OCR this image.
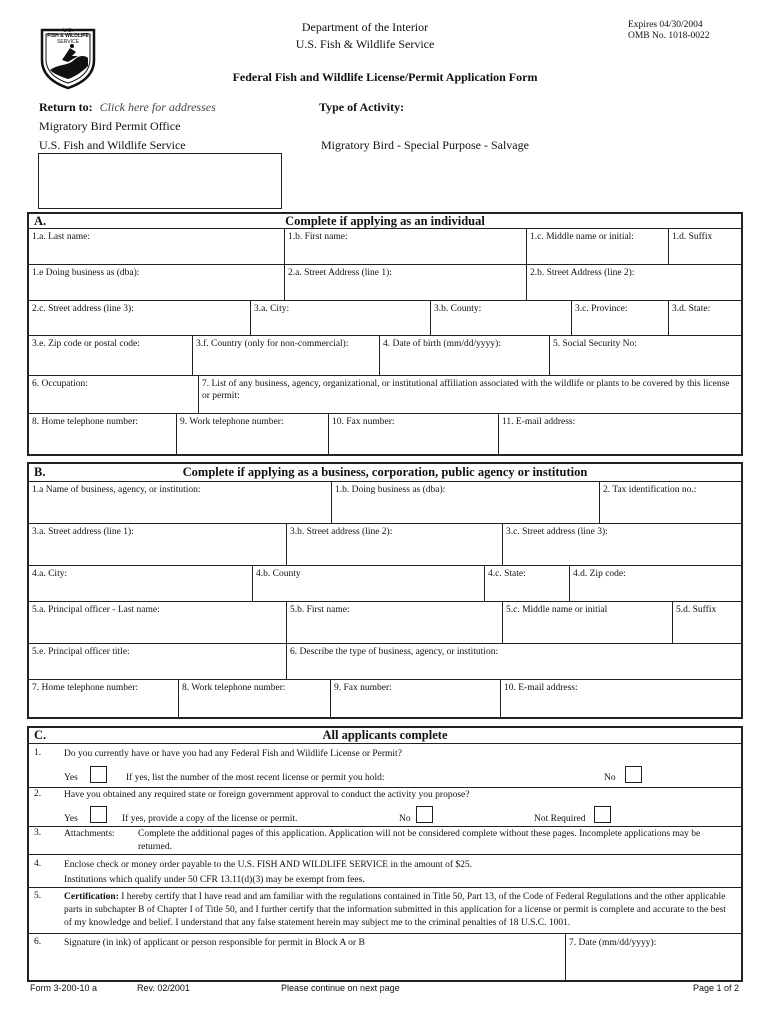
U.S.
FISH & WILDLIFE
SERVICE
Department of the Interior
U.S. Fish & Wildlife Service
Expires 04/30/2004
OMB No. 1018-0022
Federal Fish and Wildlife License/Permit Application Form
Return to: Click here for addresses
Migratory Bird Permit Office
U.S. Fish and Wildlife Service
Type of Activity:
Migratory Bird - Special Purpose - Salvage
A.	Complete if applying as an individual
1.a. Last name:	1.b. First name:	1.c. Middle name or initial:	1.d. Suffix
1.e Doing business as (dba):	2.a. Street Address (line 1):	2.b. Street Address (line 2):
2.c. Street address (line 3):	3.a. City:	3.b. County:	3.c. Province:	3.d. State:
3.e. Zip code or postal code:	3.f. Country (only for non-commercial):	4. Date of birth (mm/dd/yyyy):	5. Social Security No:
6. Occupation:	7. List of any business, agency, organizational, or institutional affiliation associated with the wildlife or plants to be covered by this license or permit:
8. Home telephone number:	9. Work telephone number:	10. Fax number:	11. E-mail address:
B.	Complete if applying as a business, corporation, public agency or institution
1.a Name of business, agency, or institution:	1.b. Doing business as (dba):	2. Tax identification no.:
3.a. Street address (line 1):	3.b. Street address (line 2):	3.c. Street address (line 3):
4.a. City:	4.b. County	4.c. State:	4.d. Zip code:
5.a. Principal officer - Last name:	5.b. First name:	5.c. Middle name or initial	5.d. Suffix
5.e. Principal officer title:	6. Describe the type of business, agency, or institution:
7. Home telephone number:	8. Work telephone number:	9. Fax number:	10. E-mail address:
C.	All applicants complete
1. Do you currently have or have you had any Federal Fish and Wildlife License or Permit?
Yes	If yes, list the number of the most recent license or permit you hold:	No
2. Have you obtained any required state or foreign government approval to conduct the activity you propose?
Yes	If yes, provide a copy of the license or permit.	No	Not Required
3. Attachments: Complete the additional pages of this application. Application will not be considered complete without these pages. Incomplete applications may be returned.
4. Enclose check or money order payable to the U.S. FISH AND WILDLIFE SERVICE in the amount of $25.
Institutions which qualify under 50 CFR 13.11(d)(3) may be exempt from fees.
5. Certification: I hereby certify that I have read and am familiar with the regulations contained in Title 50, Part 13, of the Code of Federal Regulations and the other applicable parts in subchapter B of Chapter I of Title 50, and I further certify that the information submitted in this application for a license or permit is complete and accurate to the best of my knowledge and belief. I understand that any false statement herein may subject me to the criminal penalties of 18 U.S.C. 1001.
6. Signature (in ink) of applicant or person responsible for permit in Block A or B	7. Date (mm/dd/yyyy):
Form 3-200-10 a	Rev. 02/2001	Please continue on next page	Page 1 of 2
